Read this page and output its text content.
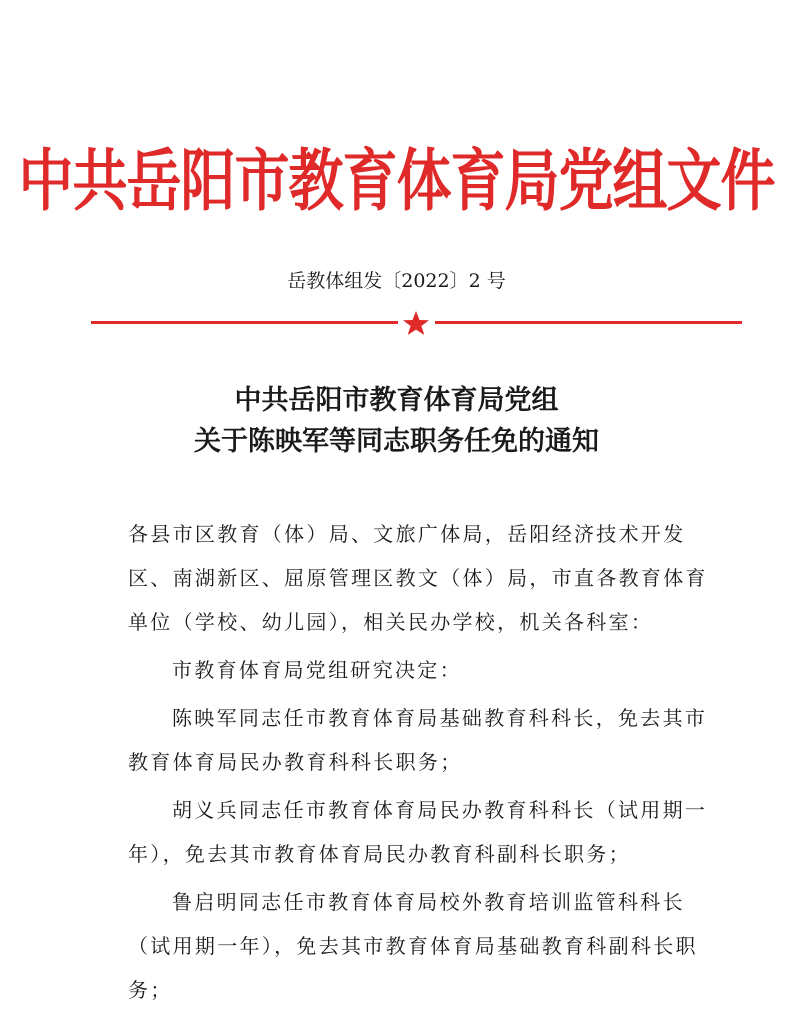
中共岳阳市教育体育局党组文件
岳教体组发〔2022〕2 号
中共岳阳市教育体育局党组
关于陈映军等同志职务任免的通知

各县市区教育（体）局、文旅广体局，岳阳经济技术开发区、南湖新区、屈原管理区教文（体）局，市直各教育体育单位（学校、幼儿园），相关民办学校，机关各科室：

市教育体育局党组研究决定：

陈映军同志任市教育体育局基础教育科科长，免去其市教育体育局民办教育科科长职务；

胡义兵同志任市教育体育局民办教育科科长（试用期一年），免去其市教育体育局民办教育科副科长职务；

鲁启明同志任市教育体育局校外教育培训监管科科长（试用期一年），免去其市教育体育局基础教育科副科长职务；
